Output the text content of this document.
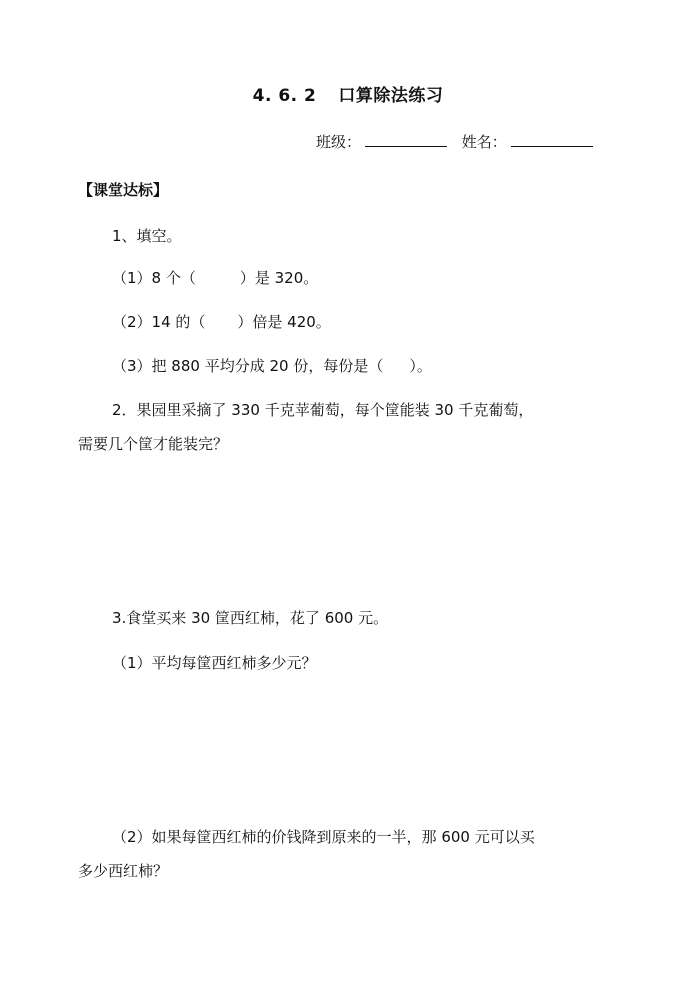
4. 6. 2 口算除法练习
班级：	姓名：
【课堂达标】
1、填空。
（1）8 个（	）是 320。
（2）14 的（ ）倍是 420。
（3）把 880 平均分成 20 份，每份是（ ）。
2．果园里采摘了 330 千克苹葡萄，每个筐能装 30 千克葡萄，
需要几个筐才能装完？
3.食堂买来 30 筐西红柿，花了 600 元。
（1）平均每筐西红柿多少元？
（2）如果每筐西红柿的价钱降到原来的一半，那 600 元可以买
多少西红柿？
